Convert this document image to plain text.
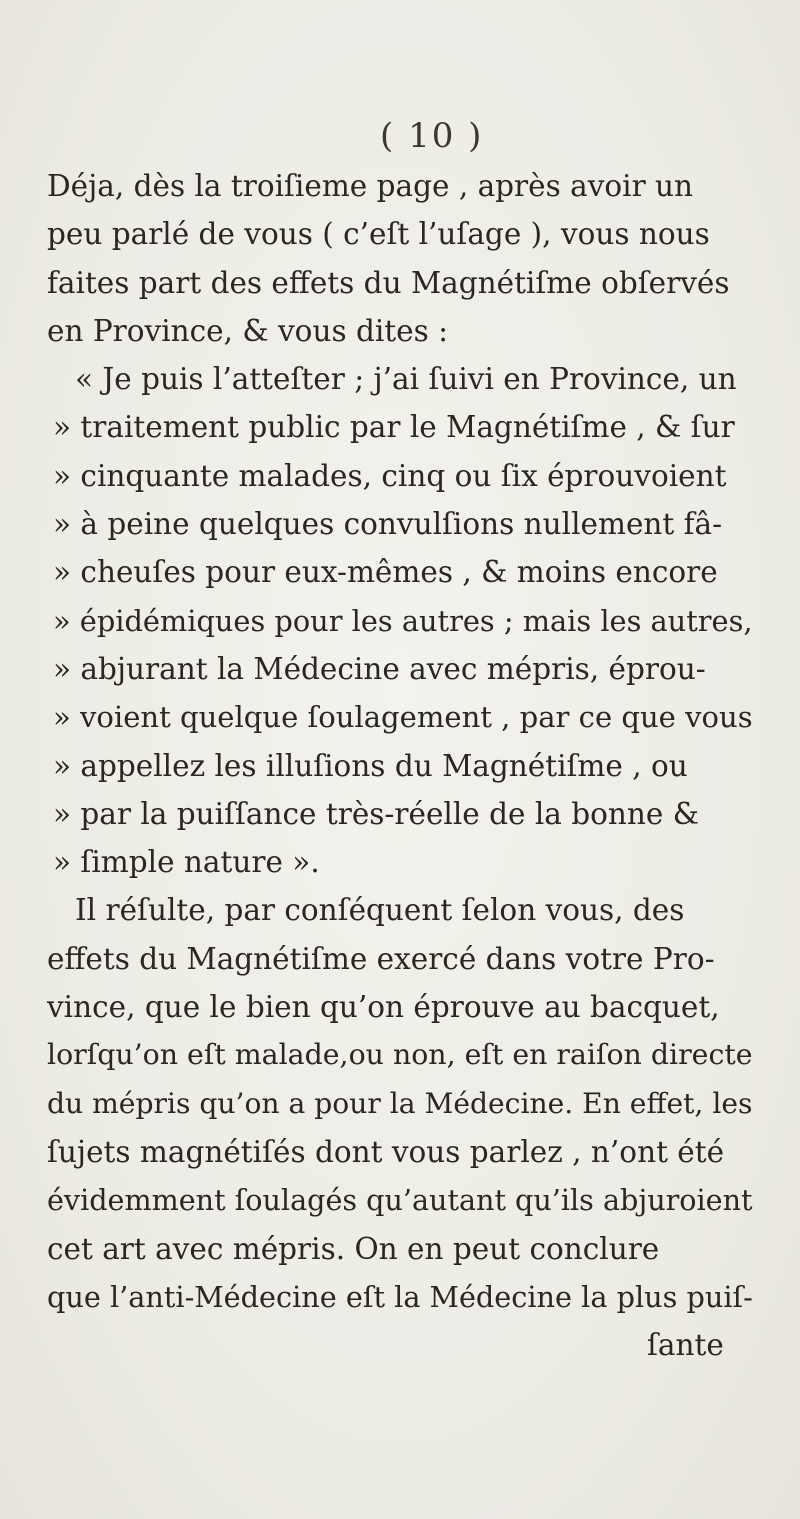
( 10 )
Déja, dès la troiſieme page , après avoir un
peu parlé de vous ( c’eſt l’uſage ), vous nous
faites part des effets du Magnétiſme obſervés
en Province, & vous dites :
« Je puis l’atteſter ; j’ai ſuivi en Province, un
» traitement public par le Magnétiſme , & ſur
» cinquante malades, cinq ou ſix éprouvoient
» à peine quelques convulſions nullement fâ-
» cheuſes pour eux-mêmes , & moins encore
» épidémiques pour les autres ; mais les autres,
» abjurant la Médecine avec mépris, éprou-
» voient quelque ſoulagement , par ce que vous
» appellez les illuſions du Magnétiſme , ou
» par la puiſſance très-réelle de la bonne &
» ſimple nature ».
Il réſulte, par conſéquent ſelon vous, des
effets du Magnétiſme exercé dans votre Pro-
vince, que le bien qu’on éprouve au bacquet,
lorſqu’on eſt malade,ou non, eſt en raiſon directe
du mépris qu’on a pour la Médecine. En effet, les
ſujets magnétiſés dont vous parlez , n’ont été
évidemment ſoulagés qu’autant qu’ils abjuroient
cet art avec mépris. On en peut conclure
que l’anti-Médecine eſt la Médecine la plus puiſ-
ſante
